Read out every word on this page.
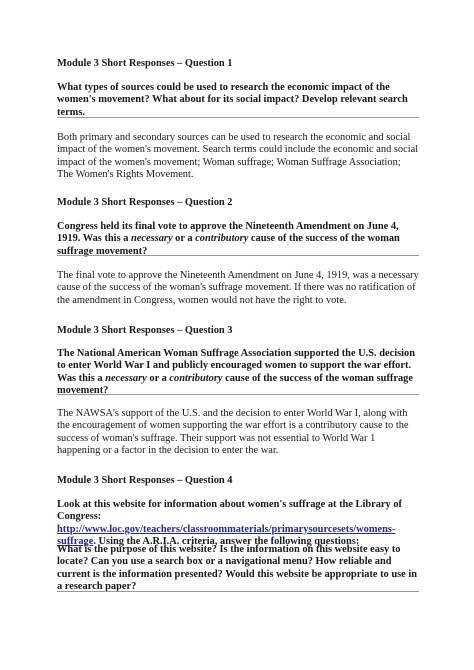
Module 3 Short Responses – Question 1
What types of sources could be used to research the economic impact of the women's movement? What about for its social impact? Develop relevant search terms.
Both primary and secondary sources can be used to research the economic and social impact of the women's movement. Search terms could include the economic and social impact of the women's movement; Woman suffrage; Woman Suffrage Association; The Women's Rights Movement.
Module 3 Short Responses – Question 2
Congress held its final vote to approve the Nineteenth Amendment on June 4, 1919. Was this a necessary or a contributory cause of the success of the woman suffrage movement?
The final vote to approve the Nineteenth Amendment on June 4, 1919, was a necessary cause of the success of the woman's suffrage movement. If there was no ratification of the amendment in Congress, women would not have the right to vote.
Module 3 Short Responses – Question 3
The National American Woman Suffrage Association supported the U.S. decision to enter World War I and publicly encouraged women to support the war effort. Was this a necessary or a contributory cause of the success of the woman suffrage movement?
The NAWSA's support of the U.S. and the decision to enter World War I, along with the encouragement of women supporting the war effort is a contributory cause to the success of woman's suffrage. Their support was not essential to World War 1 happening or a factor in the decision to enter the war.
Module 3 Short Responses – Question 4
Look at this website for information about women's suffrage at the Library of Congress: http://www.loc.gov/teachers/classroommaterials/primarysourcesets/womens-suffrage. Using the A.R.I.A. criteria, answer the following questions:
What is the purpose of this website? Is the information on this website easy to locate? Can you use a search box or a navigational menu? How reliable and current is the information presented? Would this website be appropriate to use in a research paper?
